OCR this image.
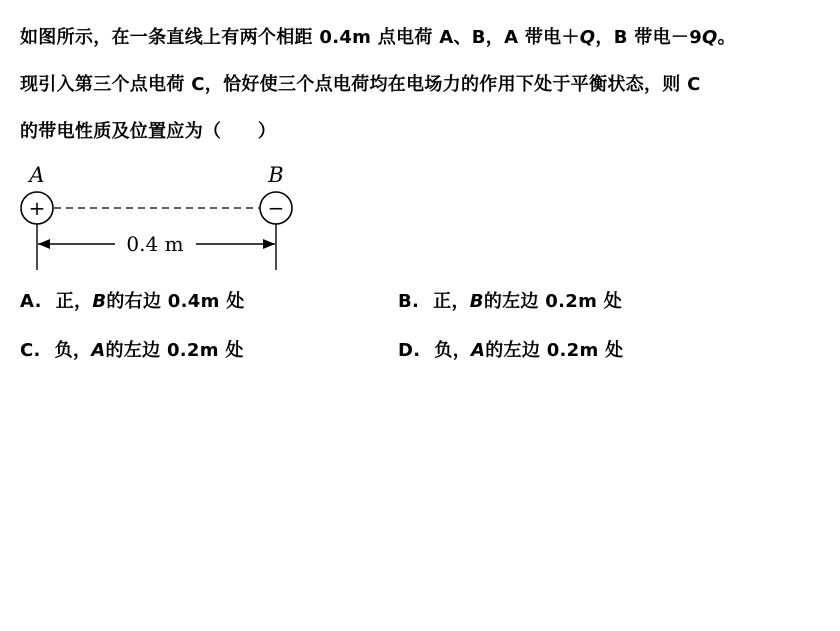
如图所示，在一条直线上有两个相距 0.4m 点电荷 A、B，A 带电＋Q，B 带电－9Q。
现引入第三个点电荷 C，恰好使三个点电荷均在电场力的作用下处于平衡状态，则 C
的带电性质及位置应为（　　）
A	B
+	−
0.4 m
A. 正，B的右边 0.4m 处	B. 正，B的左边 0.2m 处
C. 负，A的左边 0.2m 处	D. 负，A的左边 0.2m 处
